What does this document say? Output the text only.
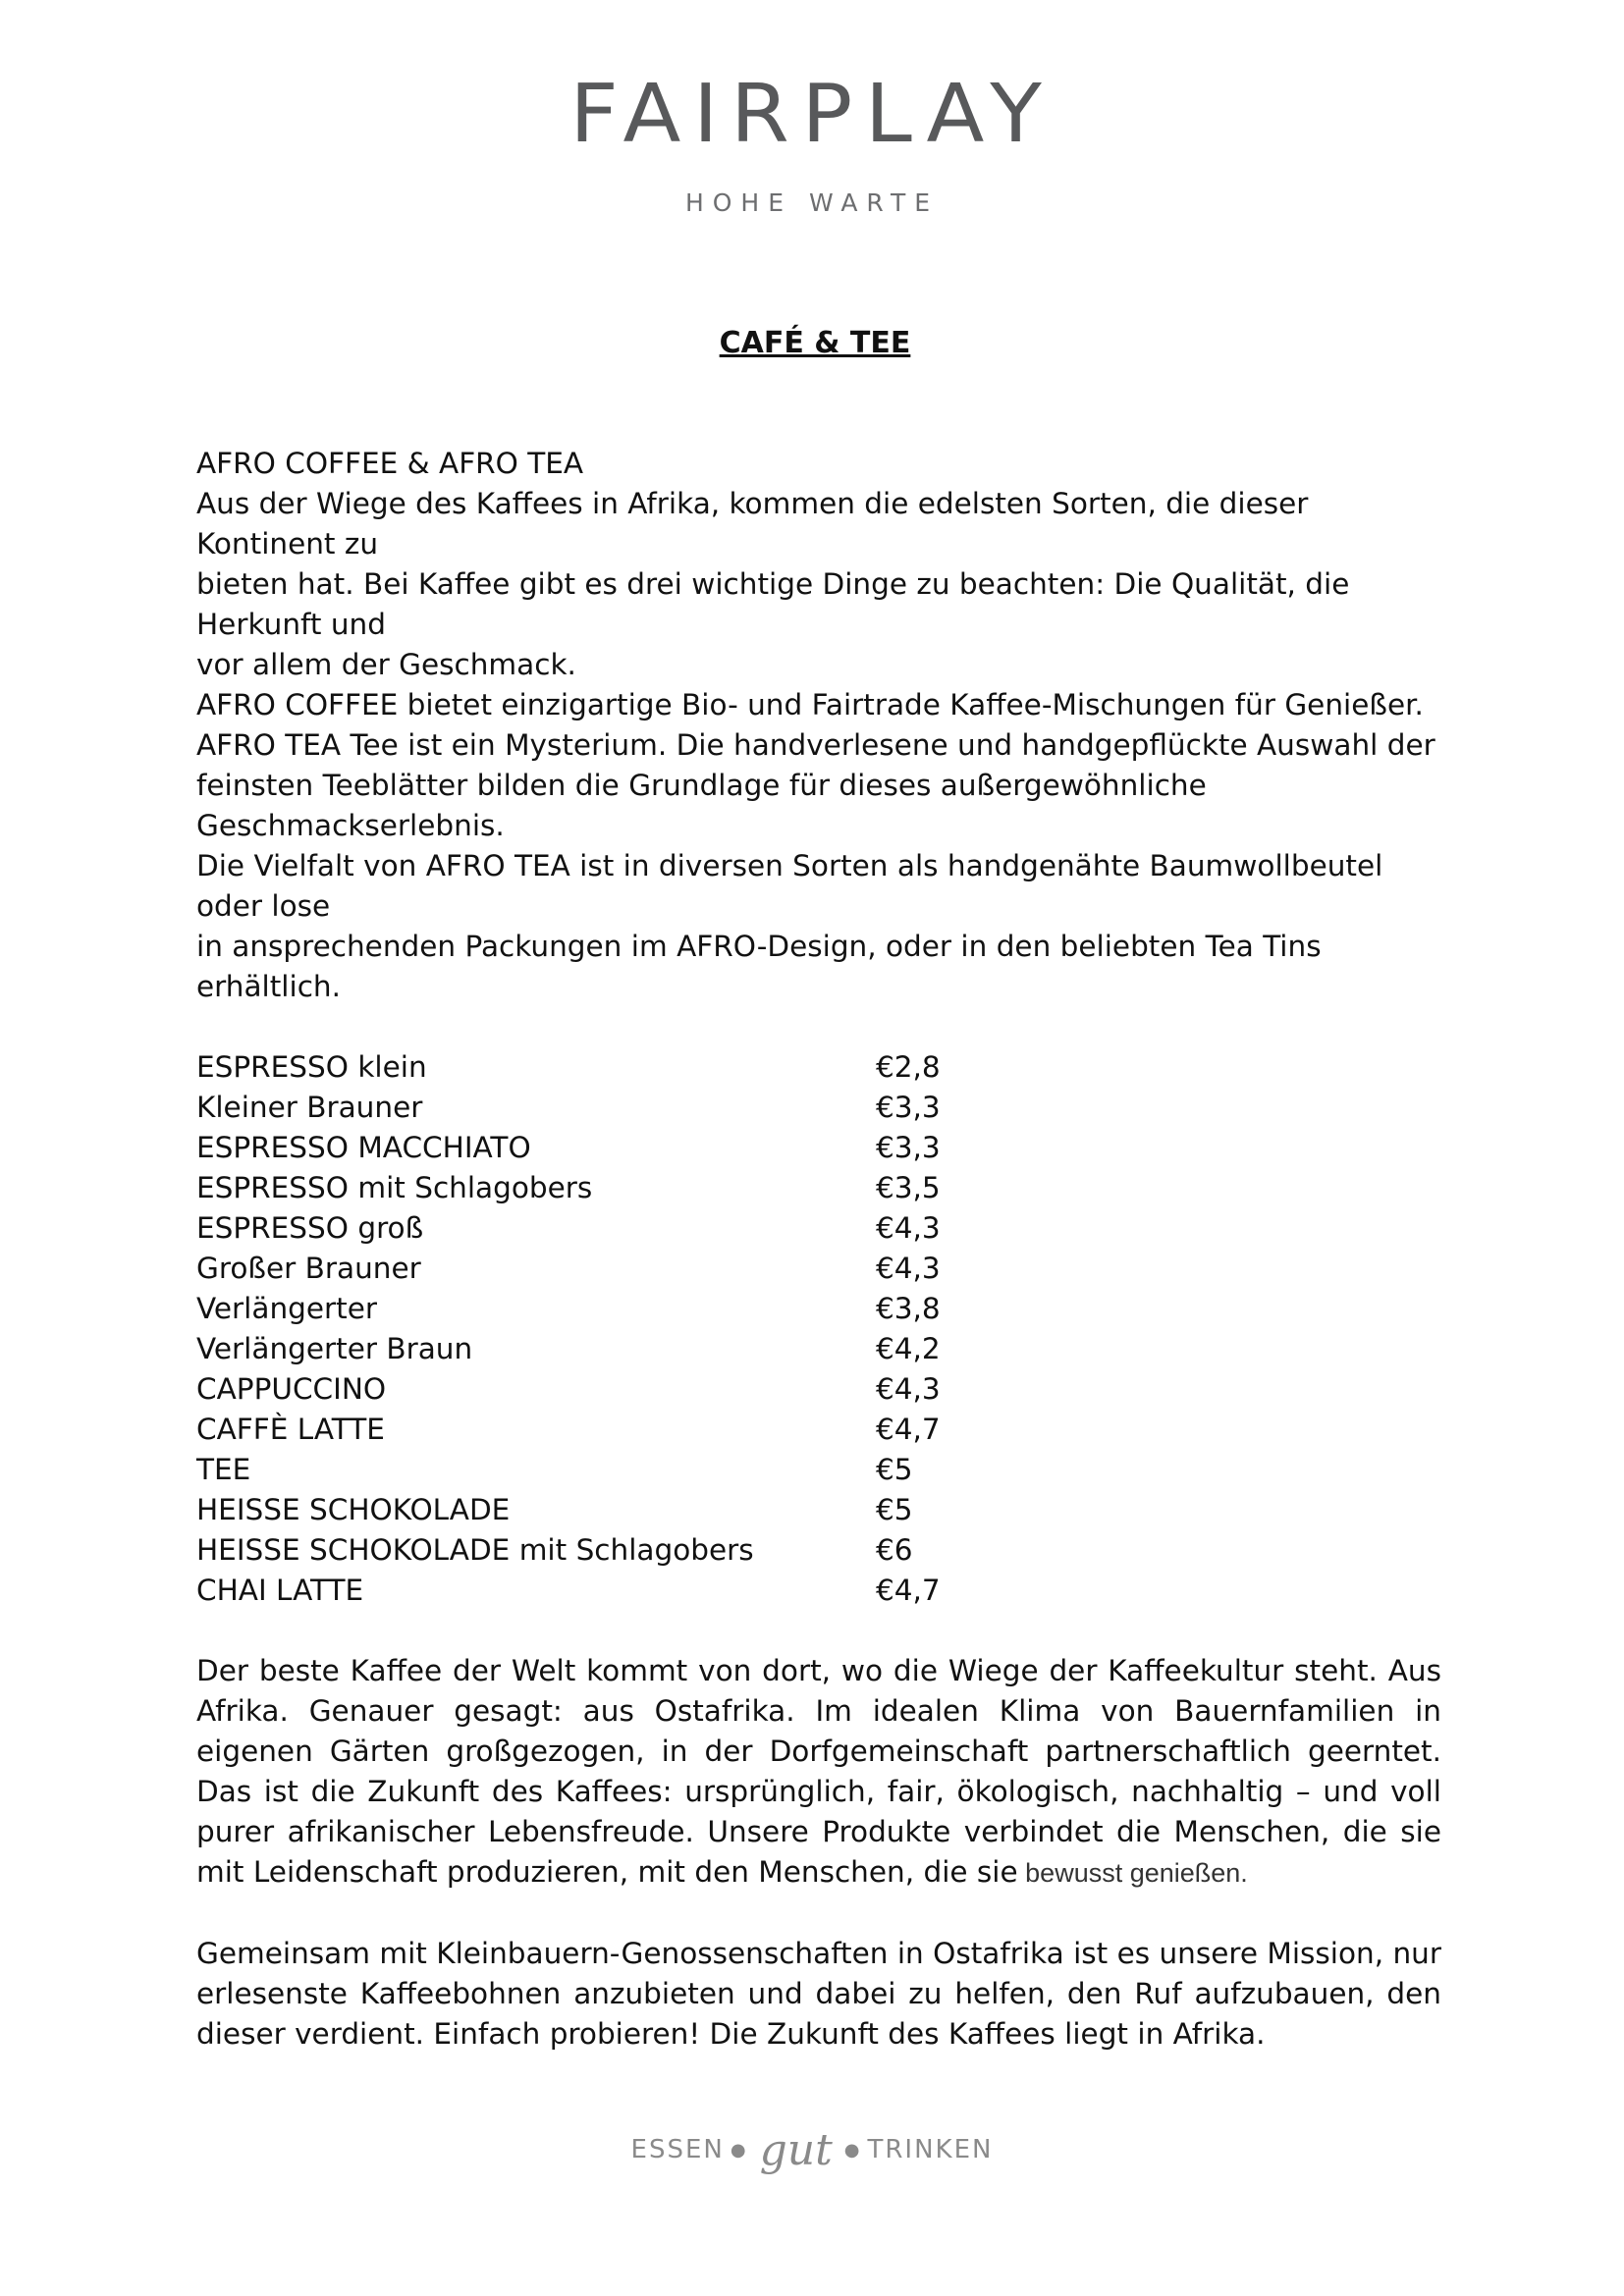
FAIRPLAY
HOHE WARTE
CAFÉ & TEE

AFRO COFFEE & AFRO TEA

Aus der Wiege des Kaffees in Afrika, kommen die edelsten Sorten, die dieser Kontinent zu

bieten hat. Bei Kaffee gibt es drei wichtige Dinge zu beachten: Die Qualität, die Herkunft und

vor allem der Geschmack.

AFRO COFFEE bietet einzigartige Bio- und Fairtrade Kaffee-Mischungen für Genießer.

AFRO TEA Tee ist ein Mysterium. Die handverlesene und handgepflückte Auswahl der

feinsten Teeblätter bilden die Grundlage für dieses außergewöhnliche Geschmackserlebnis.

Die Vielfalt von AFRO TEA ist in diversen Sorten als handgenähte Baumwollbeutel oder lose

in ansprechenden Packungen im AFRO-Design, oder in den beliebten Tea Tins erhältlich.

ESPRESSO klein	€2,8
Kleiner Brauner	€3,3
ESPRESSO MACCHIATO	€3,3
ESPRESSO mit Schlagobers	€3,5
ESPRESSO groß	€4,3
Großer Brauner	€4,3
Verlängerter	€3,8
Verlängerter Braun	€4,2
CAPPUCCINO	€4,3
CAFFÈ LATTE	€4,7
TEE	€5
HEISSE SCHOKOLADE	€5
HEISSE SCHOKOLADE mit Schlagobers	€6
CHAI LATTE	€4,7

Der beste Kaffee der Welt kommt von dort, wo die Wiege der Kaffeekultur steht. Aus Afrika. Genauer gesagt: aus Ostafrika. Im idealen Klima von Bauernfamilien in eigenen Gärten großgezogen, in der Dorfgemeinschaft partnerschaftlich geerntet. Das ist die Zukunft des Kaffees: ursprünglich, fair, ökologisch, nachhaltig – und voll purer afrikanischer Lebensfreude. Unsere Produkte verbindet die Menschen, die sie mit Leidenschaft produzieren, mit den Menschen, die sie bewusst genießen.

Gemeinsam mit Kleinbauern-Genossenschaften in Ostafrika ist es unsere Mission, nur erlesenste Kaffeebohnen anzubieten und dabei zu helfen, den Ruf aufzubauen, den dieser verdient. Einfach probieren! Die Zukunft des Kaffees liegt in Afrika.

ESSEN ● gut ● TRINKEN
